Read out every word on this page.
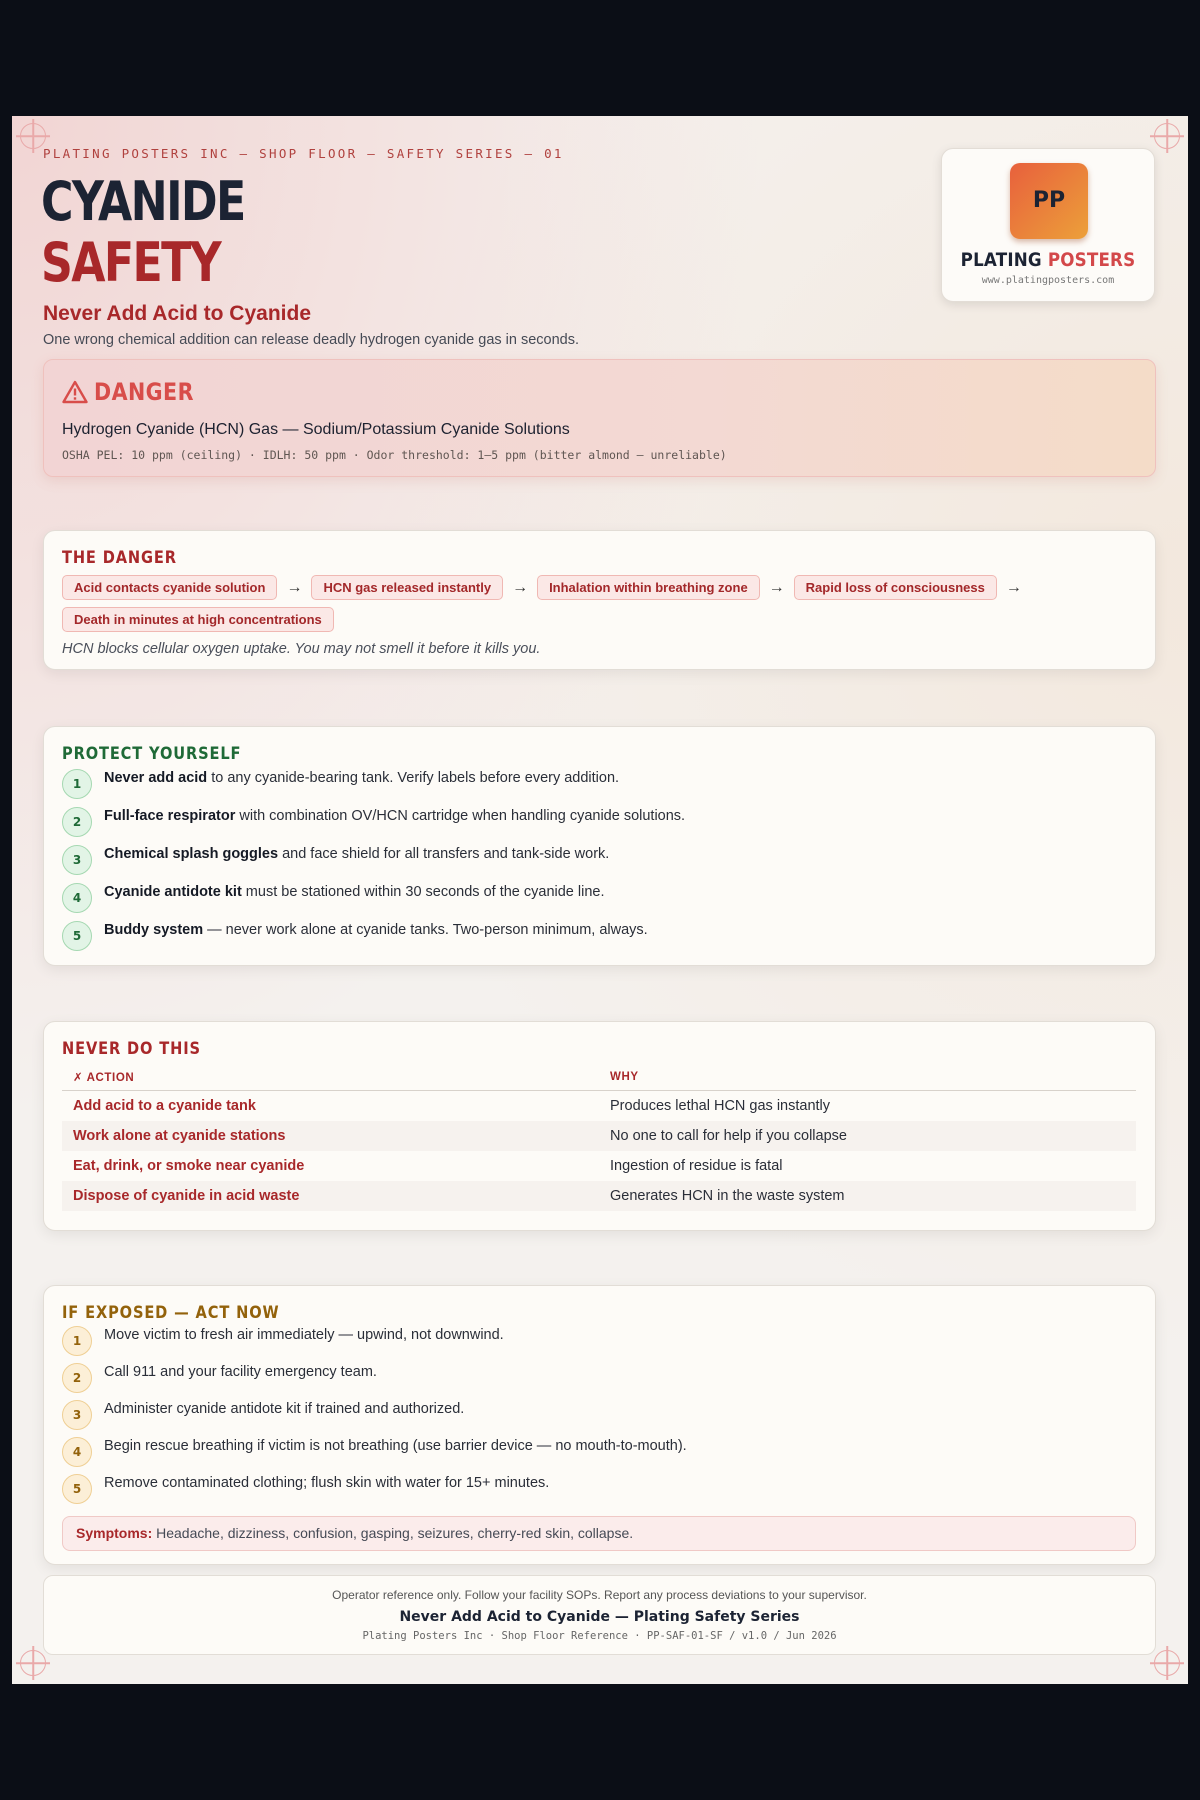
PLATING POSTERS INC — SHOP FLOOR — SAFETY SERIES — 01
CYANIDE
SAFETY
Never Add Acid to Cyanide
One wrong chemical addition can release deadly hydrogen cyanide gas in seconds.
PP
PLATING POSTERS
www.platingposters.com
DANGER
Hydrogen Cyanide (HCN) Gas — Sodium/Potassium Cyanide Solutions
OSHA PEL: 10 ppm (ceiling) · IDLH: 50 ppm · Odor threshold: 1–5 ppm (bitter almond — unreliable)
THE DANGER
Acid contacts cyanide solution	→	HCN gas released instantly	→	Inhalation within breathing zone	→	Rapid loss of consciousness	→
Death in minutes at high concentrations
HCN blocks cellular oxygen uptake. You may not smell it before it kills you.
PROTECT YOURSELF
1	Never add acid to any cyanide-bearing tank. Verify labels before every addition.
2	Full-face respirator with combination OV/HCN cartridge when handling cyanide solutions.
3	Chemical splash goggles and face shield for all transfers and tank-side work.
4	Cyanide antidote kit must be stationed within 30 seconds of the cyanide line.
5	Buddy system — never work alone at cyanide tanks. Two-person minimum, always.
NEVER DO THIS
✗ ACTION	WHY
Add acid to a cyanide tank	Produces lethal HCN gas instantly
Work alone at cyanide stations	No one to call for help if you collapse
Eat, drink, or smoke near cyanide	Ingestion of residue is fatal
Dispose of cyanide in acid waste	Generates HCN in the waste system
IF EXPOSED — ACT NOW
1	Move victim to fresh air immediately — upwind, not downwind.
2	Call 911 and your facility emergency team.
3	Administer cyanide antidote kit if trained and authorized.
4	Begin rescue breathing if victim is not breathing (use barrier device — no mouth-to-mouth).
5	Remove contaminated clothing; flush skin with water for 15+ minutes.
Symptoms: Headache, dizziness, confusion, gasping, seizures, cherry-red skin, collapse.
Operator reference only. Follow your facility SOPs. Report any process deviations to your supervisor.
Never Add Acid to Cyanide — Plating Safety Series
Plating Posters Inc · Shop Floor Reference · PP-SAF-01-SF / v1.0 / Jun 2026
